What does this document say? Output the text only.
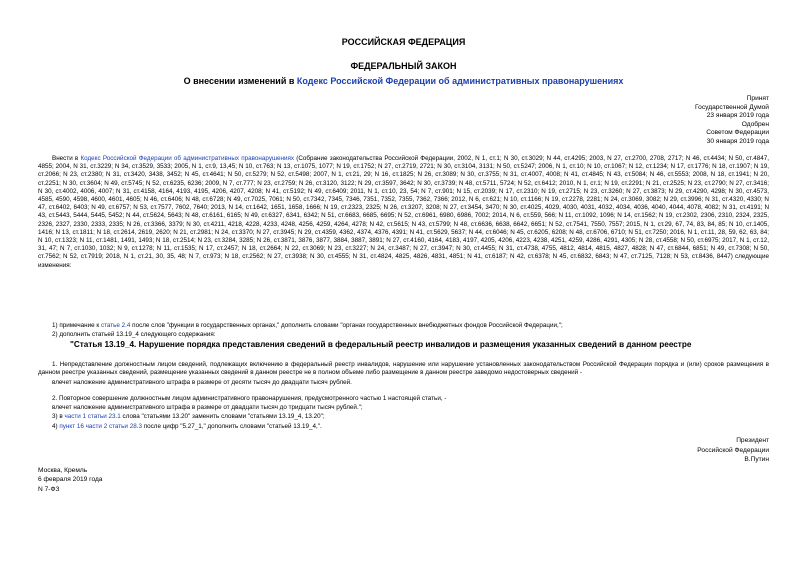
РОССИЙСКАЯ ФЕДЕРАЦИЯ
ФЕДЕРАЛЬНЫЙ ЗАКОН
О внесении изменений в Кодекс Российской Федерации об административных правонарушениях
Принят
Государственной Думой
23 января 2019 года
Одобрен
Советом Федерации
30 января 2019 года
Внести в Кодекс Российской Федерации об административных правонарушениях (Собрание законодательства Российской Федерации, 2002, N 1, ст.1; N 30, ст.3029; N 44, ст.4295; 2003, N 27, ст.2700, 2708, 2717; N 46, ст.4434; N 50, ст.4847, 4855; 2004, N 31, ст.3229; N 34, ст.3529, 3533; 2005, N 1, ст.9, 13,45; N 10, ст.763; N 13, ст.1075, 1077; N 19, ст.1752; N 27, ст.2719, 2721; N 30, ст.3104, 3131; N 50, ст.5247; 2006, N 1, ст.10; N 10, ст.1067; N 12, ст.1234; N 17, ст.1776; N 18, ст.1907; N 19, ст.2066; N 23, ст.2380; N 31, ст.3420, 3438, 3452; N 45, ст.4641; N 50, ст.5279; N 52, ст.5498; 2007, N 1, ст.21, 29; N 16, ст.1825; N 26, ст.3089; N 30, ст.3755; N 31, ст.4007, 4008; N 41, ст.4845; N 43, ст.5084; N 46, ст.5553; 2008, N 18, ст.1941; N 20, ст.2251; N 30, ст.3604; N 49, ст.5745; N 52, ст.6235, 6236; 2009, N 7, ст.777; N 23, ст.2759; N 26, ст.3120, 3122; N 29, ст.3597, 3642; N 30, ст.3739; N 48, ст.5711, 5724; N 52, ст.6412; 2010, N 1, ст.1; N 19, ст.2291; N 21, ст.2525; N 23, ст.2790; N 27, ст.3416; N 30, ст.4002, 4006, 4007; N 31, ст.4158, 4164, 4193, 4195, 4206, 4207, 4208; N 41, ст.5192; N 49, ст.6409; 2011, N 1, ст.10, 23, 54; N 7, ст.901; N 15, ст.2039; N 17, ст.2310; N 19, ст.2715; N 23, ст.3260; N 27, ст.3873; N 29, ст.4290, 4298; N 30, ст.4573, 4585, 4590, 4598, 4600, 4601, 4605; N 46, ст.6406; N 48, ст.6728; N 49, ст.7025, 7061; N 50, ст.7342, 7345, 7346, 7351, 7352, 7355, 7362, 7366; 2012, N 6, ст.621; N 10, ст.1166; N 19, ст.2278, 2281; N 24, ст.3069, 3082; N 29, ст.3996; N 31, ст.4320, 4330; N 47, ст.6402, 6403; N 49, ст.6757; N 53, ст.7577, 7602, 7640; 2013, N 14, ст.1642, 1651, 1658, 1666; N 19, ст.2323, 2325; N 26, ст.3207, 3208; N 27, ст.3454, 3470; N 30, ст.4025, 4029, 4030, 4031, 4032, 4034, 4036, 4040, 4044, 4078, 4082; N 31, ст.4191; N 43, ст.5443, 5444, 5445, 5452; N 44, ст.5624, 5643; N 48, ст.6161, 6165; N 49, ст.6327, 6341, 6342; N 51, ст.6683, 6685, 6695; N 52, ст.6961, 6980, 6986, 7002; 2014, N 6, ст.559, 566; N 11, ст.1092, 1096; N 14, ст.1562; N 19, ст.2302, 2306, 2310, 2324, 2325, 2326, 2327, 2330, 2333, 2335; N 26, ст.3366, 3379; N 30, ст.4211, 4218, 4228, 4233, 4248, 4256, 4259, 4264, 4278; N 42, ст.5615; N 43, ст.5799; N 48, ст.6636, 6638, 6642, 6651; N 52, ст.7541, 7550, 7557; 2015, N 1, ст.29, 67, 74, 83, 84, 85; N 10, ст.1405, 1416; N 13, ст.1811; N 18, ст.2614, 2619, 2620; N 21, ст.2981; N 24, ст.3370; N 27, ст.3945; N 29, ст.4359, 4362, 4374, 4376, 4391; N 41, ст.5629, 5637; N 44, ст.6046; N 45, ст.6205, 6208; N 48, ст.6706, 6710; N 51, ст.7250; 2016, N 1, ст.11, 28, 59, 62, 63, 84; N 10, ст.1323; N 11, ст.1481, 1491, 1493; N 18, ст.2514; N 23, ст.3284, 3285; N 26, ст.3871, 3876, 3877, 3884, 3887, 3891; N 27, ст.4160, 4164, 4183, 4197, 4205, 4206, 4223, 4238, 4251, 4259, 4286, 4291, 4305; N 28, ст.4558; N 50, ст.6975; 2017, N 1, ст.12, 31, 47; N 7, ст.1030, 1032; N 9, ст.1278; N 11, ст.1535; N 17, ст.2457; N 18, ст.2664; N 22, ст.3069; N 23, ст.3227; N 24, ст.3487; N 27, ст.3947; N 30, ст.4455; N 31, ст.4738, 4755, 4812, 4814, 4815, 4827, 4828; N 47, ст.6844, 6851; N 49, ст.7308; N 50, ст.7562; N 52, ст.7919; 2018, N 1, ст.21, 30, 35, 48; N 7, ст.973; N 18, ст.2562; N 27, ст.3938; N 30, ст.4555; N 31, ст.4824, 4825, 4826, 4831, 4851; N 41, ст.6187; N 42, ст.6378; N 45, ст.6832, 6843; N 47, ст.7125, 7128; N 53, ст.8436, 8447) следующие изменения:
1) примечание к статье 2.4 после слов "функции в государственных органах," дополнить словами "органах государственных внебюджетных фондов Российской Федерации,";
2) дополнить статьей 13.19_4 следующего содержания:
"Статья 13.19_4. Нарушение порядка представления сведений в федеральный реестр инвалидов и размещения указанных сведений в данном реестре
1. Непредставление должностным лицом сведений, подлежащих включению в федеральный реестр инвалидов, нарушение или нарушение установленных законодательством Российской Федерации порядка и (или) сроков размещения в данном реестре указанных сведений, размещение указанных сведений в данном реестре не в полном объеме либо размещение в данном реестре заведомо недостоверных сведений -
влечет наложение административного штрафа в размере от десяти тысяч до двадцати тысяч рублей.
2. Повторное совершение должностным лицом административного правонарушения, предусмотренного частью 1 настоящей статьи, -
влечет наложение административного штрафа в размере от двадцати тысяч до тридцати тысяч рублей.";
3) в части 1 статьи 23.1 слова "статьями 13.20" заменить словами "статьями 13.19_4, 13.20";
4) пункт 16 части 2 статьи 28.3 после цифр "5.27_1," дополнить словами "статьей 13.19_4,".
Президент
Российской Федерации
В.Путин
Москва, Кремль
6 февраля 2019 года
N 7-ФЗ
